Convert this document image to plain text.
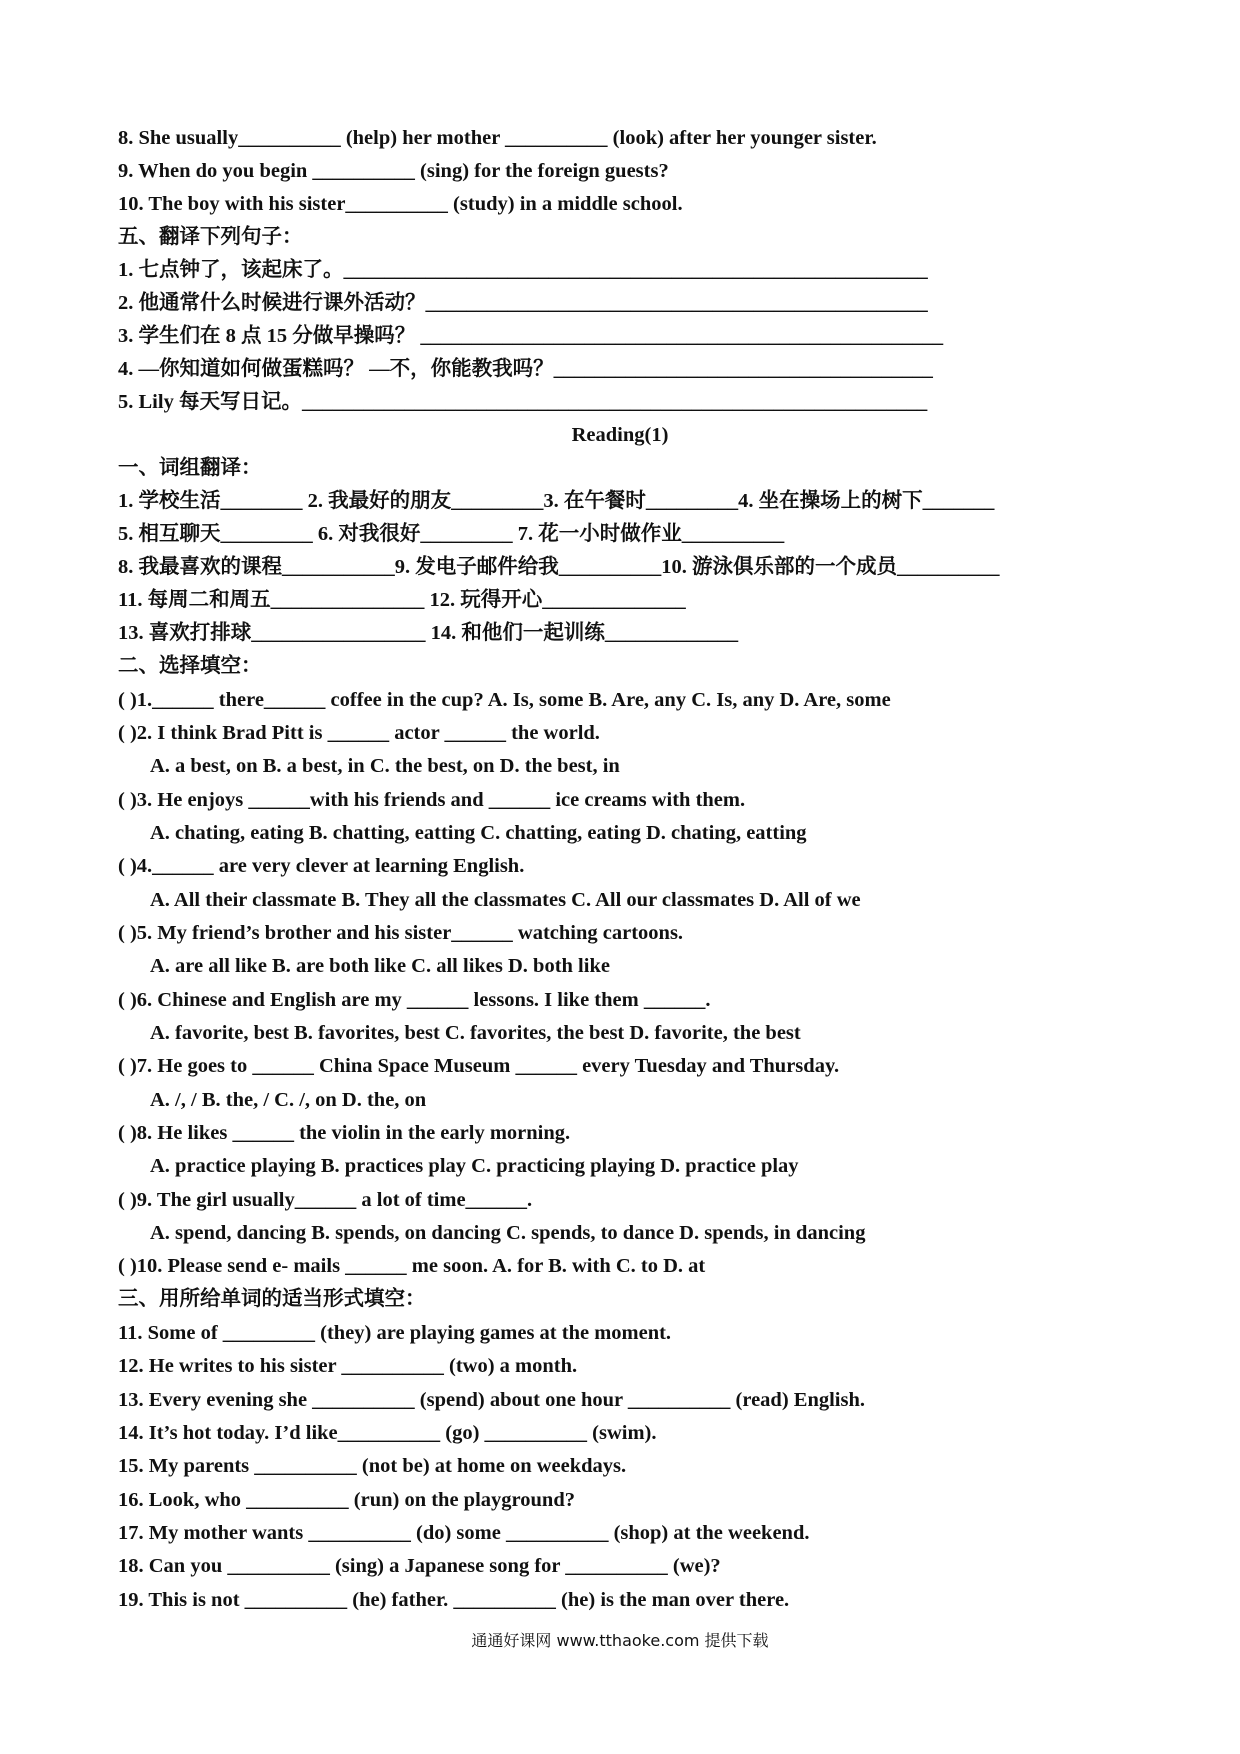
8. She usually__________ (help) her mother __________ (look) after her younger sister.
9. When do you begin __________ (sing) for the foreign guests?
10. The boy with his sister__________ (study) in a middle school.
五、翻译下列句子：
1. 七点钟了，该起床了。_________________________________________________________
2. 他通常什么时候进行课外活动？_________________________________________________
3. 学生们在 8 点 15 分做早操吗？ ___________________________________________________
4. —你知道如何做蛋糕吗？ —不，你能教我吗？_____________________________________
5. Lily 每天写日记。_____________________________________________________________
Reading(1)
一、词组翻译：
1. 学校生活________ 2. 我最好的朋友_________3. 在午餐时_________4. 坐在操场上的树下_______
5. 相互聊天_________ 6. 对我很好_________ 7. 花一小时做作业__________
8. 我最喜欢的课程___________9. 发电子邮件给我__________10. 游泳俱乐部的一个成员__________
11. 每周二和周五_______________ 12. 玩得开心______________
13. 喜欢打排球_________________ 14. 和他们一起训练_____________
二、选择填空：
( )1.______ there______ coffee in the cup? A. Is, some B. Are, any C. Is, any D. Are, some
( )2. I think Brad Pitt is ______ actor ______ the world.
A. a best, on B. a best, in C. the best, on D. the best, in
( )3. He enjoys ______with his friends and ______ ice creams with them.
A. chating, eating B. chatting, eatting C. chatting, eating D. chating, eatting
( )4.______ are very clever at learning English.
A. All their classmate B. They all the classmates C. All our classmates D. All of we
( )5. My friend’s brother and his sister______ watching cartoons.
A. are all like B. are both like C. all likes D. both like
( )6. Chinese and English are my ______ lessons. I like them ______.
A. favorite, best B. favorites, best C. favorites, the best D. favorite, the best
( )7. He goes to ______ China Space Museum ______ every Tuesday and Thursday.
A. /, / B. the, / C. /, on D. the, on
( )8. He likes ______ the violin in the early morning.
A. practice playing B. practices play C. practicing playing D. practice play
( )9. The girl usually______ a lot of time______.
A. spend, dancing B. spends, on dancing C. spends, to dance D. spends, in dancing
( )10. Please send e- mails ______ me soon. A. for B. with C. to D. at
三、用所给单词的适当形式填空：
11. Some of _________ (they) are playing games at the moment.
12. He writes to his sister __________ (two) a month.
13. Every evening she __________ (spend) about one hour __________ (read) English.
14. It’s hot today. I’d like__________ (go) __________ (swim).
15. My parents __________ (not be) at home on weekdays.
16. Look, who __________ (run) on the playground?
17. My mother wants __________ (do) some __________ (shop) at the weekend.
18. Can you __________ (sing) a Japanese song for __________ (we)?
19. This is not __________ (he) father. __________ (he) is the man over there.
通通好课网 www.tthaoke.com 提供下载
